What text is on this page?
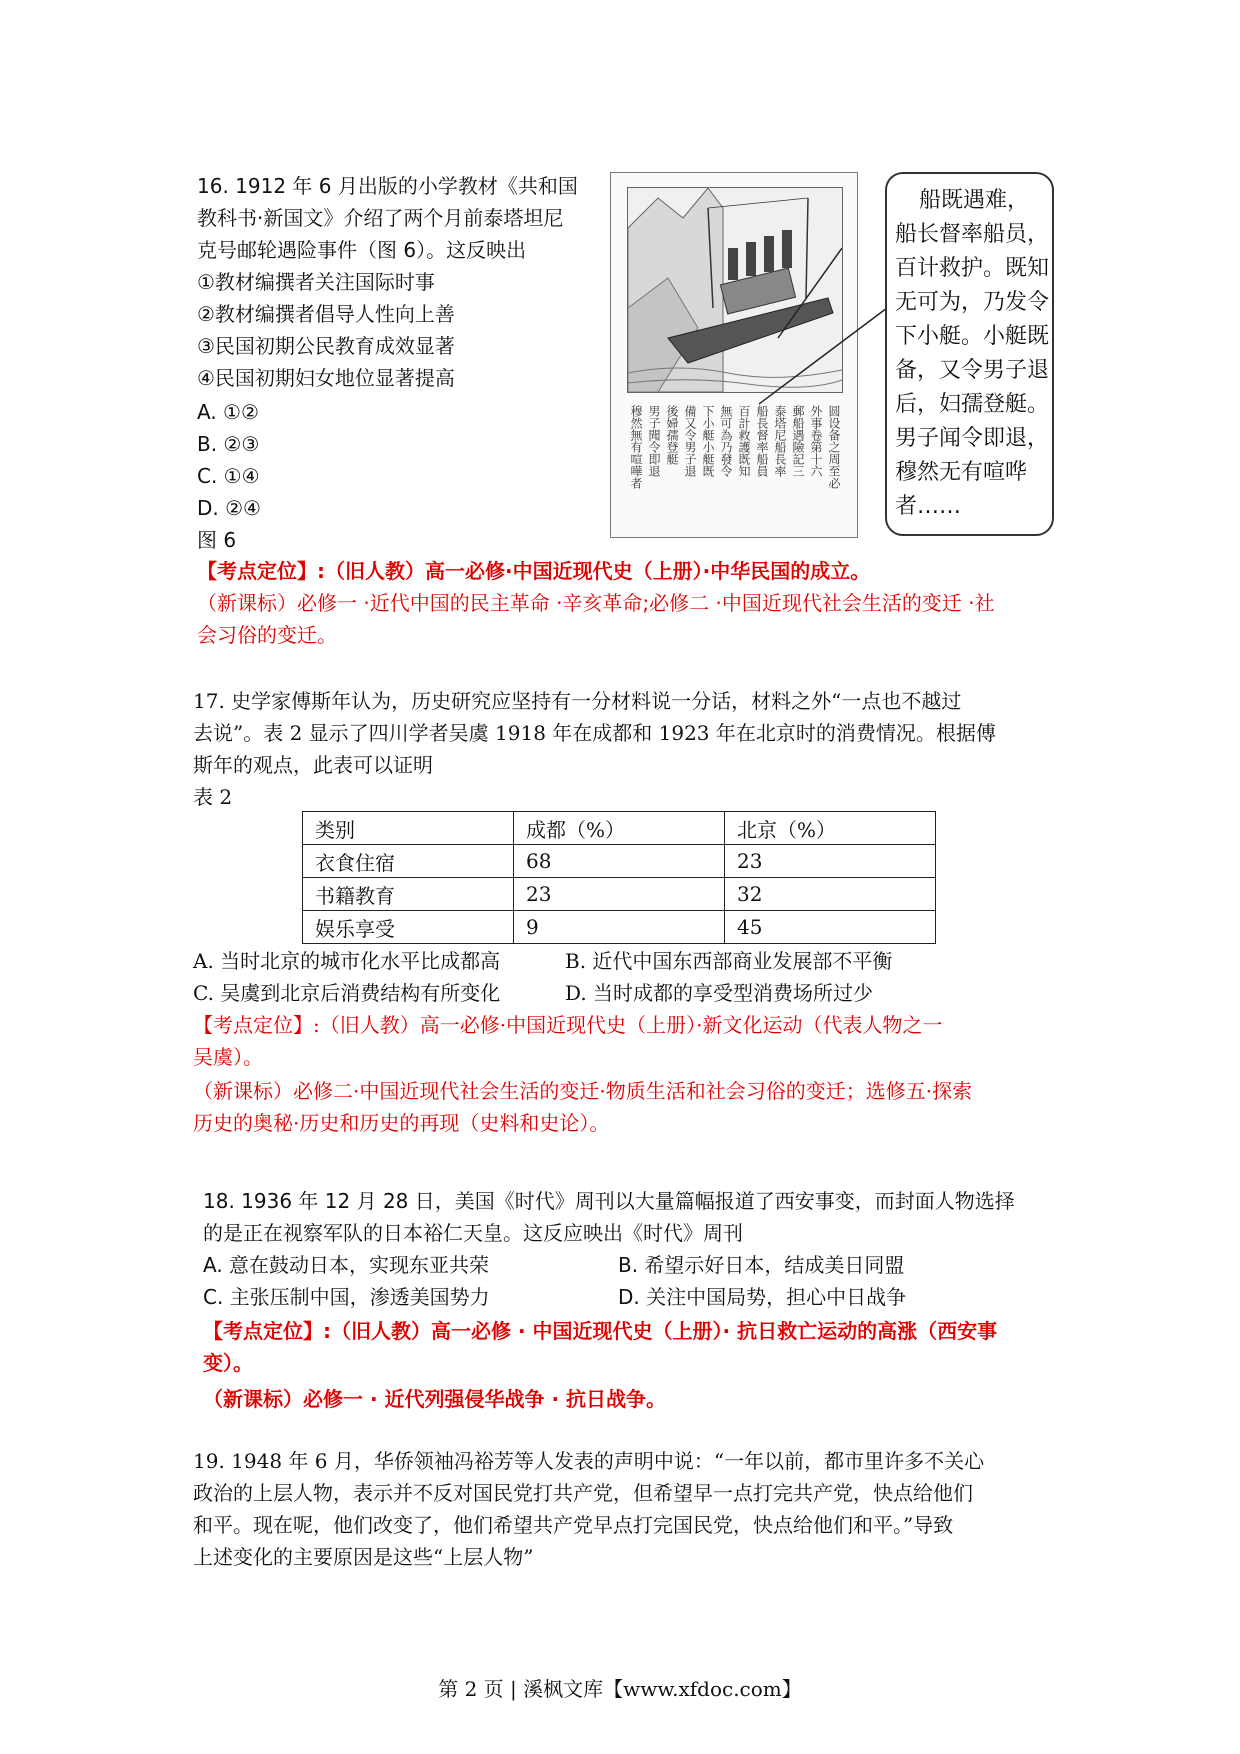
16. 1912 年 6 月出版的小学教材《共和国
教科书·新国文》介绍了两个月前泰塔坦尼
克号邮轮遇险事件（图 6）。这反映出
①教材编撰者关注国际时事
②教材编撰者倡导人性向上善
③民国初期公民教育成效显著
④民国初期妇女地位显著提高
A. ①②
B. ②③
C. ①④
D. ②④
图 6
圆设备之周至必
外事卷第十六
郵船遇險記三
泰塔尼船長率
船長督率船員
百計救護既知
無可為乃發令
下小艇小艇既
備又令男子退
後婦孺登艇
男子聞令即退
穆然無有喧嘩者
船既遇难，
船长督率船员，
百计救护。既知
无可为，乃发令
下小艇。小艇既
备，又令男子退
后，妇孺登艇。
男子闻令即退，
穆然无有喧哗
者……
【考点定位】:（旧人教）高一必修·中国近现代史（上册）·中华民国的成立。
（新课标）必修一 ·近代中国的民主革命 ·辛亥革命;必修二 ·中国近现代社会生活的变迁 ·社
会习俗的变迁。
17. 史学家傅斯年认为，历史研究应坚持有一分材料说一分话，材料之外“一点也不越过
去说”。表 2 显示了四川学者吴虞 1918 年在成都和 1923 年在北京时的消费情况。根据傅
斯年的观点，此表可以证明
表 2
类别	成都（%）	北京（%）
衣食住宿	68	23
书籍教育	23	32
娱乐享受	9	45
A. 当时北京的城市化水平比成都高	B. 近代中国东西部商业发展部不平衡
C. 吴虞到北京后消费结构有所变化	D. 当时成都的享受型消费场所过少
【考点定位】:（旧人教）高一必修·中国近现代史（上册）·新文化运动（代表人物之一
吴虞）。
（新课标）必修二·中国近现代社会生活的变迁·物质生活和社会习俗的变迁；选修五·探索
历史的奥秘·历史和历史的再现（史料和史论）。
18. 1936 年 12 月 28 日，美国《时代》周刊以大量篇幅报道了西安事变，而封面人物选择
的是正在视察军队的日本裕仁天皇。这反应映出《时代》周刊
A. 意在鼓动日本，实现东亚共荣	B. 希望示好日本，结成美日同盟
C. 主张压制中国，渗透美国势力	D. 关注中国局势，担心中日战争
【考点定位】:（旧人教）高一必修 · 中国近现代史（上册）· 抗日救亡运动的高涨（西安事
变）。
（新课标）必修一 · 近代列强侵华战争 · 抗日战争。
19. 1948 年 6 月，华侨领袖冯裕芳等人发表的声明中说：“一年以前，都市里许多不关心
政治的上层人物，表示并不反对国民党打共产党，但希望早一点打完共产党，快点给他们
和平。现在呢，他们改变了，他们希望共产党早点打完国民党，快点给他们和平。”导致
上述变化的主要原因是这些“上层人物”
第 2 页 | 溪枫文库【www.xfdoc.com】
